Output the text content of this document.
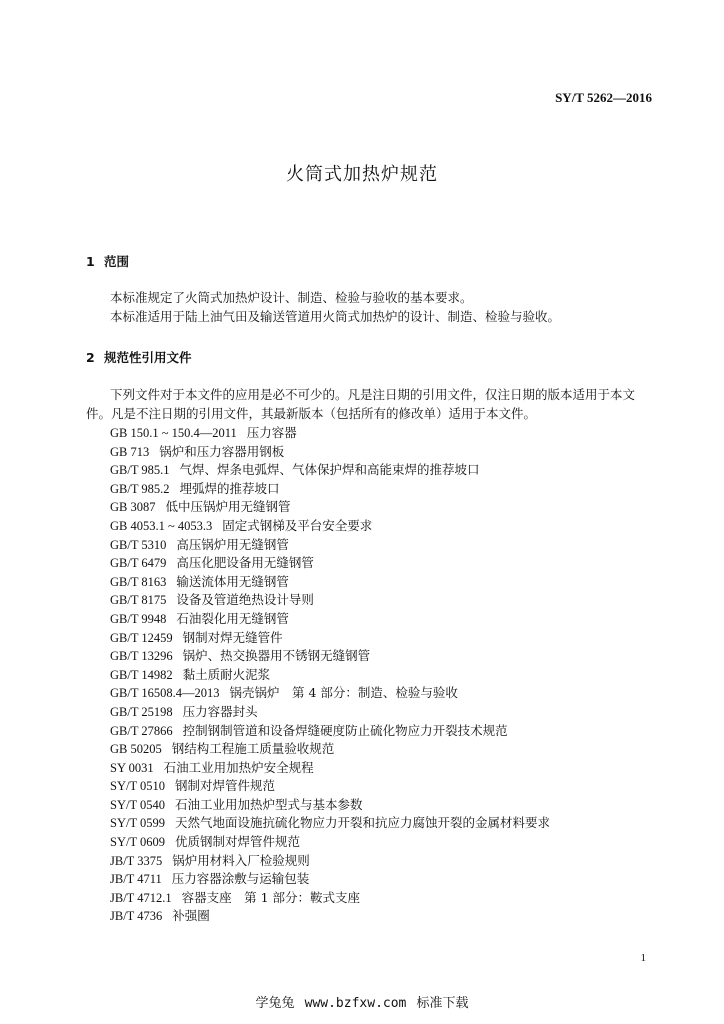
SY/T 5262—2016
火筒式加热炉规范
1 范围
本标准规定了火筒式加热炉设计、制造、检验与验收的基本要求。
本标准适用于陆上油气田及输送管道用火筒式加热炉的设计、制造、检验与验收。
2 规范性引用文件
下列文件对于本文件的应用是必不可少的。凡是注日期的引用文件，仅注日期的版本适用于本文件。凡是不注日期的引用文件，其最新版本（包括所有的修改单）适用于本文件。
GB 150.1 ~ 150.4—2011 压力容器
GB 713 锅炉和压力容器用钢板
GB/T 985.1 气焊、焊条电弧焊、气体保护焊和高能束焊的推荐坡口
GB/T 985.2 埋弧焊的推荐坡口
GB 3087 低中压锅炉用无缝钢管
GB 4053.1 ~ 4053.3 固定式钢梯及平台安全要求
GB/T 5310 高压锅炉用无缝钢管
GB/T 6479 高压化肥设备用无缝钢管
GB/T 8163 输送流体用无缝钢管
GB/T 8175 设备及管道绝热设计导则
GB/T 9948 石油裂化用无缝钢管
GB/T 12459 钢制对焊无缝管件
GB/T 13296 锅炉、热交换器用不锈钢无缝钢管
GB/T 14982 黏土质耐火泥浆
GB/T 16508.4—2013 锅壳锅炉　第 4 部分：制造、检验与验收
GB/T 25198 压力容器封头
GB/T 27866 控制钢制管道和设备焊缝硬度防止硫化物应力开裂技术规范
GB 50205 钢结构工程施工质量验收规范
SY 0031 石油工业用加热炉安全规程
SY/T 0510 钢制对焊管件规范
SY/T 0540 石油工业用加热炉型式与基本参数
SY/T 0599 天然气地面设施抗硫化物应力开裂和抗应力腐蚀开裂的金属材料要求
SY/T 0609 优质钢制对焊管件规范
JB/T 3375 锅炉用材料入厂检验规则
JB/T 4711 压力容器涂敷与运输包装
JB/T 4712.1 容器支座　第 1 部分：鞍式支座
JB/T 4736 补强圈
1
学兔兔 www.bzfxw.com 标准下载
